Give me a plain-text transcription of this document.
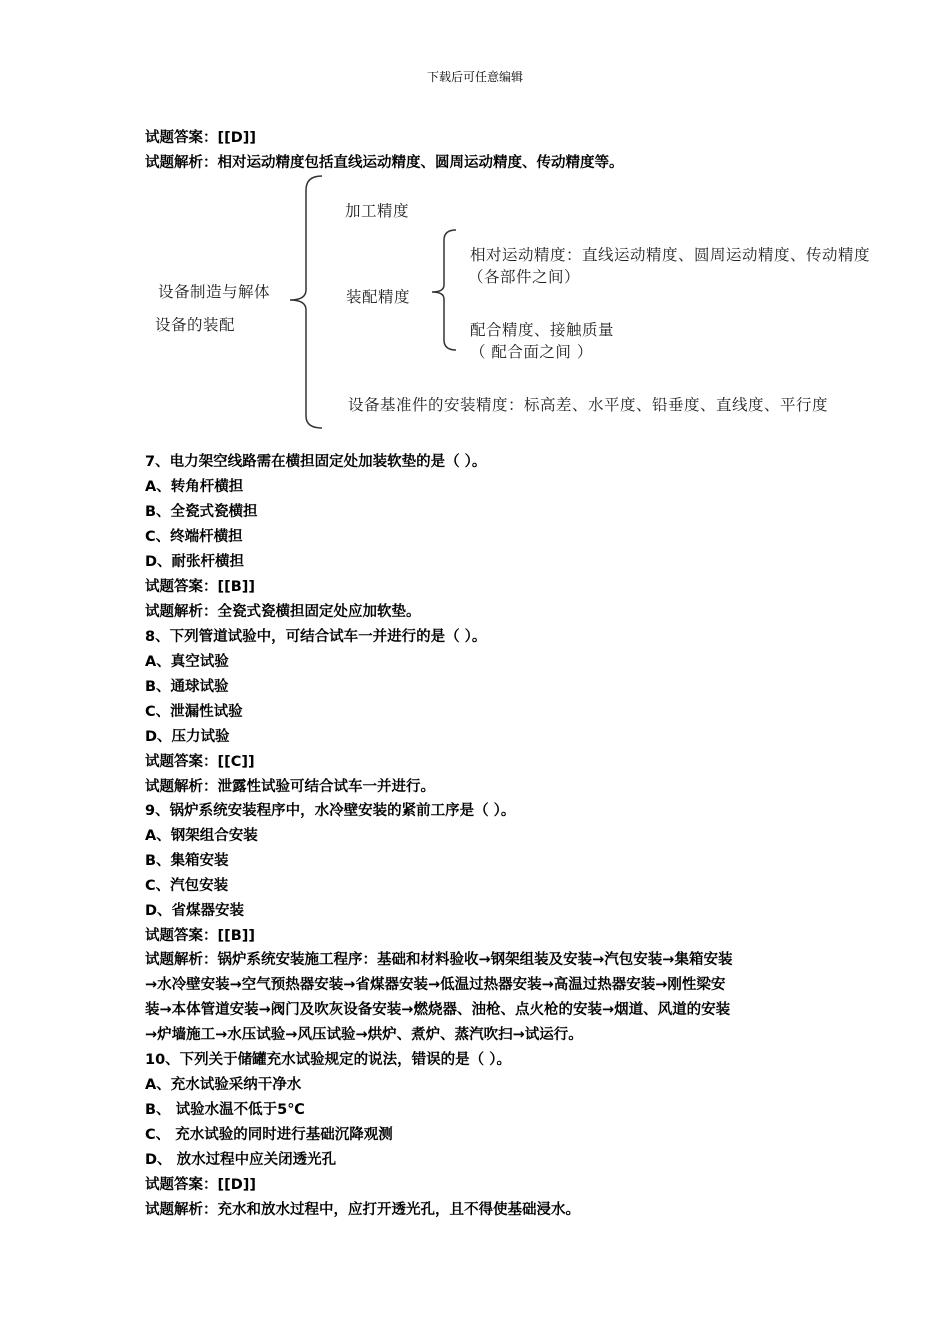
下载后可任意编辑
试题答案：[[D]]
试题解析：相对运动精度包括直线运动精度、圆周运动精度、传动精度等。
设备制造与解体
设备的装配
加工精度
装配精度
相对运动精度：直线运动精度、圆周运动精度、传动精度
（各部件之间）
配合精度、接触质量
（ 配合面之间 ）
设备基准件的安装精度：标高差、水平度、铅垂度、直线度、平行度
7、电力架空线路需在横担固定处加装软垫的是（ ）。
A、转角杆横担
B、全瓷式瓷横担
C、终端杆横担
D、耐张杆横担
试题答案：[[B]]
试题解析：全瓷式瓷横担固定处应加软垫。
8、下列管道试验中，可结合试车一并进行的是（ ）。
A、真空试验
B、通球试验
C、泄漏性试验
D、压力试验
试题答案：[[C]]
试题解析：泄露性试验可结合试车一并进行。
9、锅炉系统安装程序中，水冷壁安装的紧前工序是（ ）。
A、钢架组合安装
B、集箱安装
C、汽包安装
D、省煤器安装
试题答案：[[B]]
试题解析：锅炉系统安装施工程序：基础和材料验收→钢架组装及安装→汽包安装→集箱安装
→水冷壁安装→空气预热器安装→省煤器安装→低温过热器安装→高温过热器安装→刚性梁安
装→本体管道安装→阀门及吹灰设备安装→燃烧器、油枪、点火枪的安装→烟道、风道的安装
→炉墙施工→水压试验→风压试验→烘炉、煮炉、蒸汽吹扫→试运行。
10、下列关于储罐充水试验规定的说法，错误的是（ ）。
A、充水试验采纳干净水
B、 试验水温不低于5℃
C、 充水试验的同时进行基础沉降观测
D、 放水过程中应关闭透光孔
试题答案：[[D]]
试题解析：充水和放水过程中，应打开透光孔，且不得使基础浸水。
